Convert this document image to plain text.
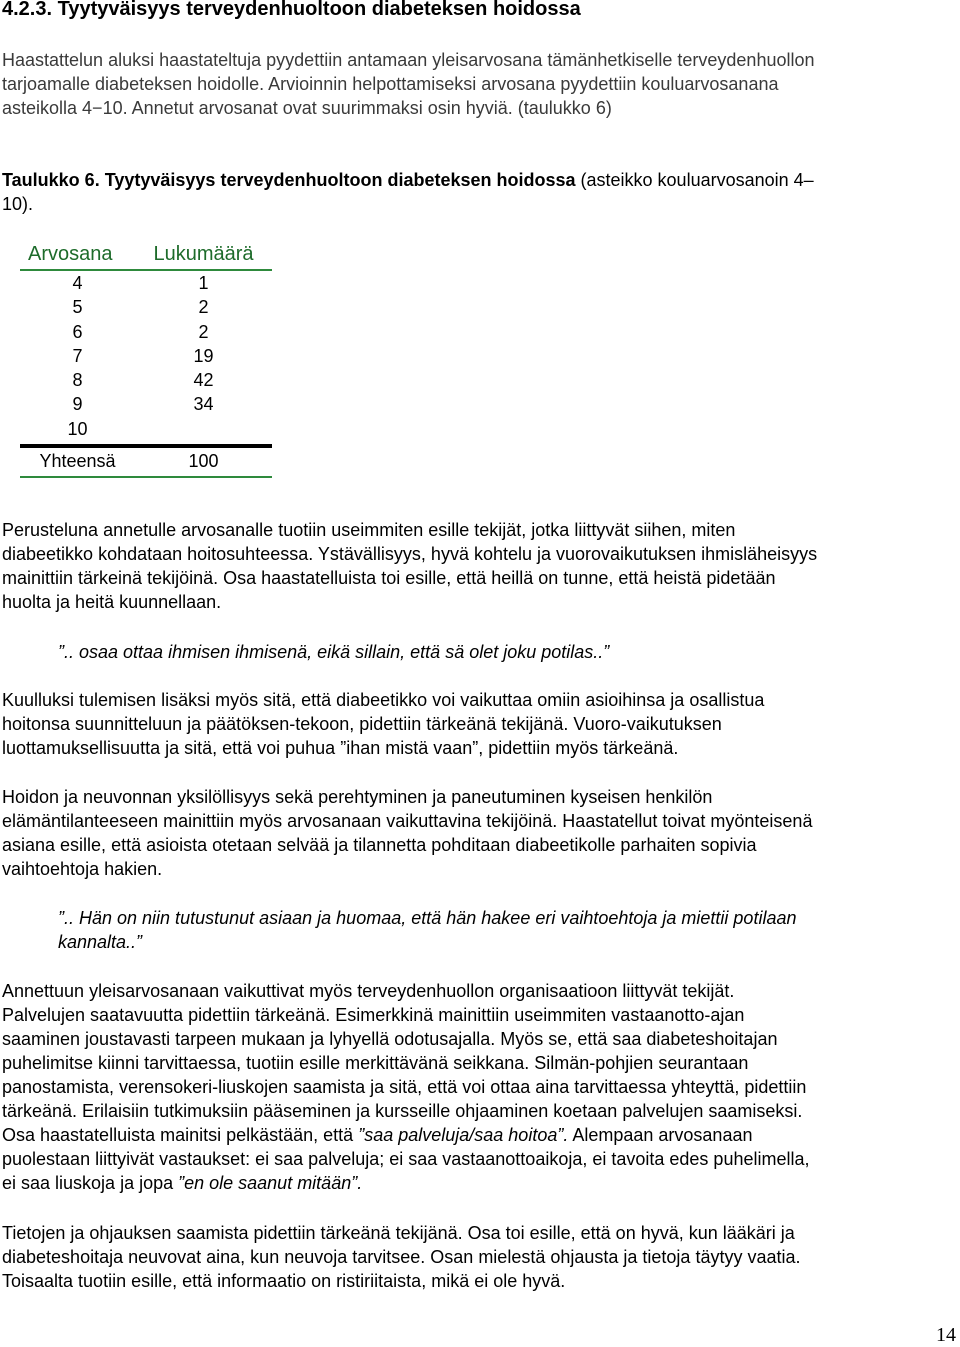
4.2.3. Tyytyväisyys terveydenhuoltoon diabeteksen hoidossa
Haastattelun aluksi haastateltuja pyydettiin antamaan yleisarvosana tämänhetkiselle terveydenhuollon
tarjoamalle diabeteksen hoidolle. Arvioinnin helpottamiseksi arvosana pyydettiin kouluarvosanana
asteikolla 4−10. Annetut arvosanat ovat suurimmaksi osin hyviä. (taulukko 6)
Taulukko 6. Tyytyväisyys terveydenhuoltoon diabeteksen hoidossa (asteikko kouluarvosanoin 4–
10).
Arvosana	Lukumäärä
4	1
5	2
6	2
7	19
8	42
9	34
10
Yhteensä	100
Perusteluna annetulle arvosanalle tuotiin useimmiten esille tekijät, jotka liittyvät siihen, miten
diabeetikko kohdataan hoitosuhteessa. Ystävällisyys, hyvä kohtelu ja vuorovaikutuksen ihmisläheisyys
mainittiin tärkeinä tekijöinä. Osa haastatelluista toi esille, että heillä on tunne, että heistä pidetään
huolta ja heitä kuunnellaan.
”.. osaa ottaa ihmisen ihmisenä, eikä sillain, että sä olet joku potilas..”
Kuulluksi tulemisen lisäksi myös sitä, että diabeetikko voi vaikuttaa omiin asioihinsa ja osallistua
hoitonsa suunnitteluun ja päätöksen-tekoon, pidettiin tärkeänä tekijänä. Vuoro-vaikutuksen
luottamuksellisuutta ja sitä, että voi puhua ”ihan mistä vaan”, pidettiin myös tärkeänä.
Hoidon ja neuvonnan yksilöllisyys sekä perehtyminen ja paneutuminen kyseisen henkilön
elämäntilanteeseen mainittiin myös arvosanaan vaikuttavina tekijöinä. Haastatellut toivat myönteisenä
asiana esille, että asioista otetaan selvää ja tilannetta pohditaan diabeetikolle parhaiten sopivia
vaihtoehtoja hakien.
”.. Hän on niin tutustunut asiaan ja huomaa, että hän hakee eri vaihtoehtoja ja miettii potilaan
kannalta..”
Annettuun yleisarvosanaan vaikuttivat myös terveydenhuollon organisaatioon liittyvät tekijät.
Palvelujen saatavuutta pidettiin tärkeänä. Esimerkkinä mainittiin useimmiten vastaanotto-ajan
saaminen joustavasti tarpeen mukaan ja lyhyellä odotusajalla. Myös se, että saa diabeteshoitajan
puhelimitse kiinni tarvittaessa, tuotiin esille merkittävänä seikkana. Silmän-pohjien seurantaan
panostamista, verensokeri-liuskojen saamista ja sitä, että voi ottaa aina tarvittaessa yhteyttä, pidettiin
tärkeänä. Erilaisiin tutkimuksiin pääseminen ja kursseille ohjaaminen koetaan palvelujen saamiseksi.
Osa haastatelluista mainitsi pelkästään, että ”saa palveluja/saa hoitoa”. Alempaan arvosanaan
puolestaan liittyivät vastaukset: ei saa palveluja; ei saa vastaanottoaikoja, ei tavoita edes puhelimella,
ei saa liuskoja ja jopa ”en ole saanut mitään”.
Tietojen ja ohjauksen saamista pidettiin tärkeänä tekijänä. Osa toi esille, että on hyvä, kun lääkäri ja
diabeteshoitaja neuvovat aina, kun neuvoja tarvitsee. Osan mielestä ohjausta ja tietoja täytyy vaatia.
Toisaalta tuotiin esille, että informaatio on ristiriitaista, mikä ei ole hyvä.
14
